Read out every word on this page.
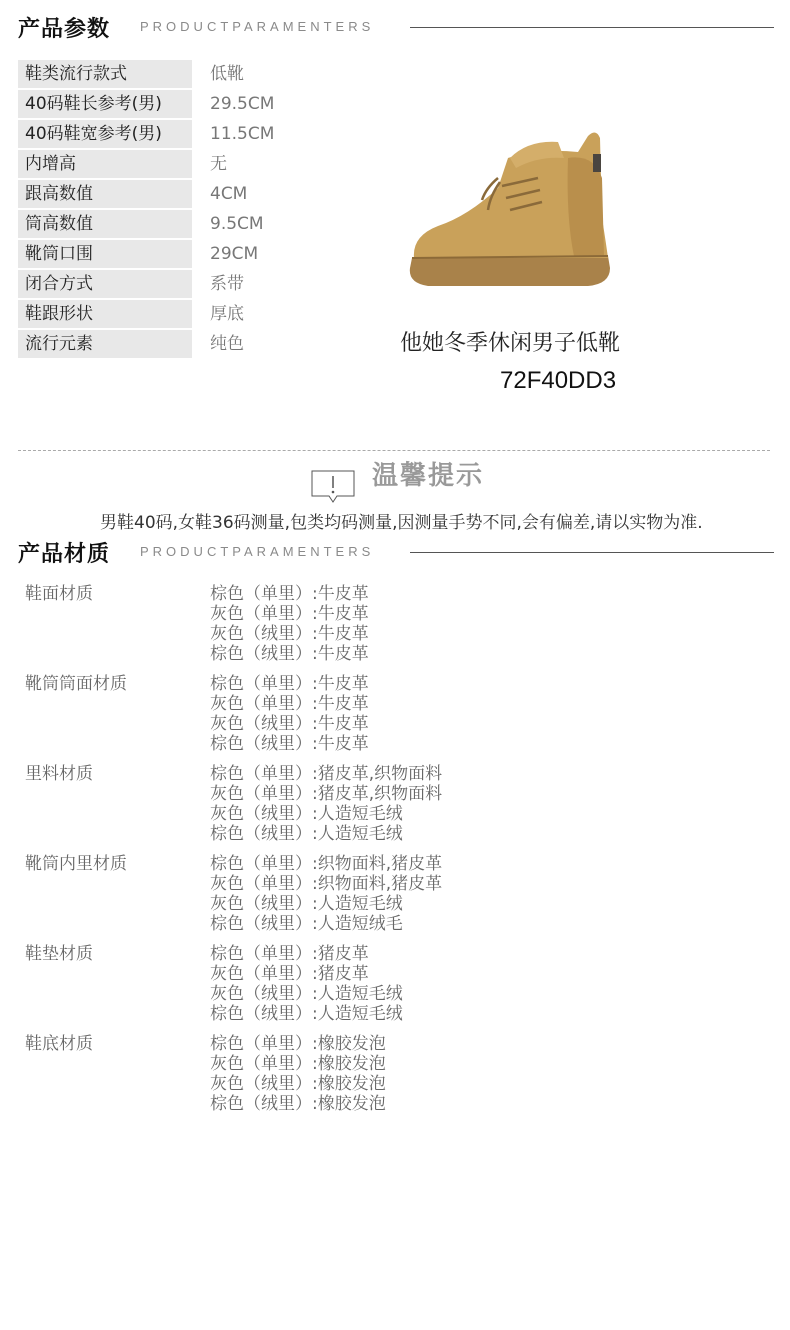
产品参数 PRODUCTPARAMENTERS
鞋类流行款式	低靴
40码鞋长参考(男)	29.5CM
40码鞋宽参考(男)	11.5CM
内增高	无
跟高数值	4CM
筒高数值	9.5CM
靴筒口围	29CM
闭合方式	系带
鞋跟形状	厚底
流行元素	纯色	他她冬季休闲男子低靴
72F40DD3
温馨提示
男鞋40码,女鞋36码测量,包类均码测量,因测量手势不同,会有偏差,请以实物为准.
产品材质 PRODUCTPARAMENTERS
鞋面材质	棕色（单里）:牛皮革
灰色（单里）:牛皮革
灰色（绒里）:牛皮革
棕色（绒里）:牛皮革
靴筒筒面材质	棕色（单里）:牛皮革
灰色（单里）:牛皮革
灰色（绒里）:牛皮革
棕色（绒里）:牛皮革
里料材质	棕色（单里）:猪皮革,织物面料
灰色（单里）:猪皮革,织物面料
灰色（绒里）:人造短毛绒
棕色（绒里）:人造短毛绒
靴筒内里材质	棕色（单里）:织物面料,猪皮革
灰色（单里）:织物面料,猪皮革
灰色（绒里）:人造短毛绒
棕色（绒里）:人造短绒毛
鞋垫材质	棕色（单里）:猪皮革
灰色（单里）:猪皮革
灰色（绒里）:人造短毛绒
棕色（绒里）:人造短毛绒
鞋底材质	棕色（单里）:橡胶发泡
灰色（单里）:橡胶发泡
灰色（绒里）:橡胶发泡
棕色（绒里）:橡胶发泡
